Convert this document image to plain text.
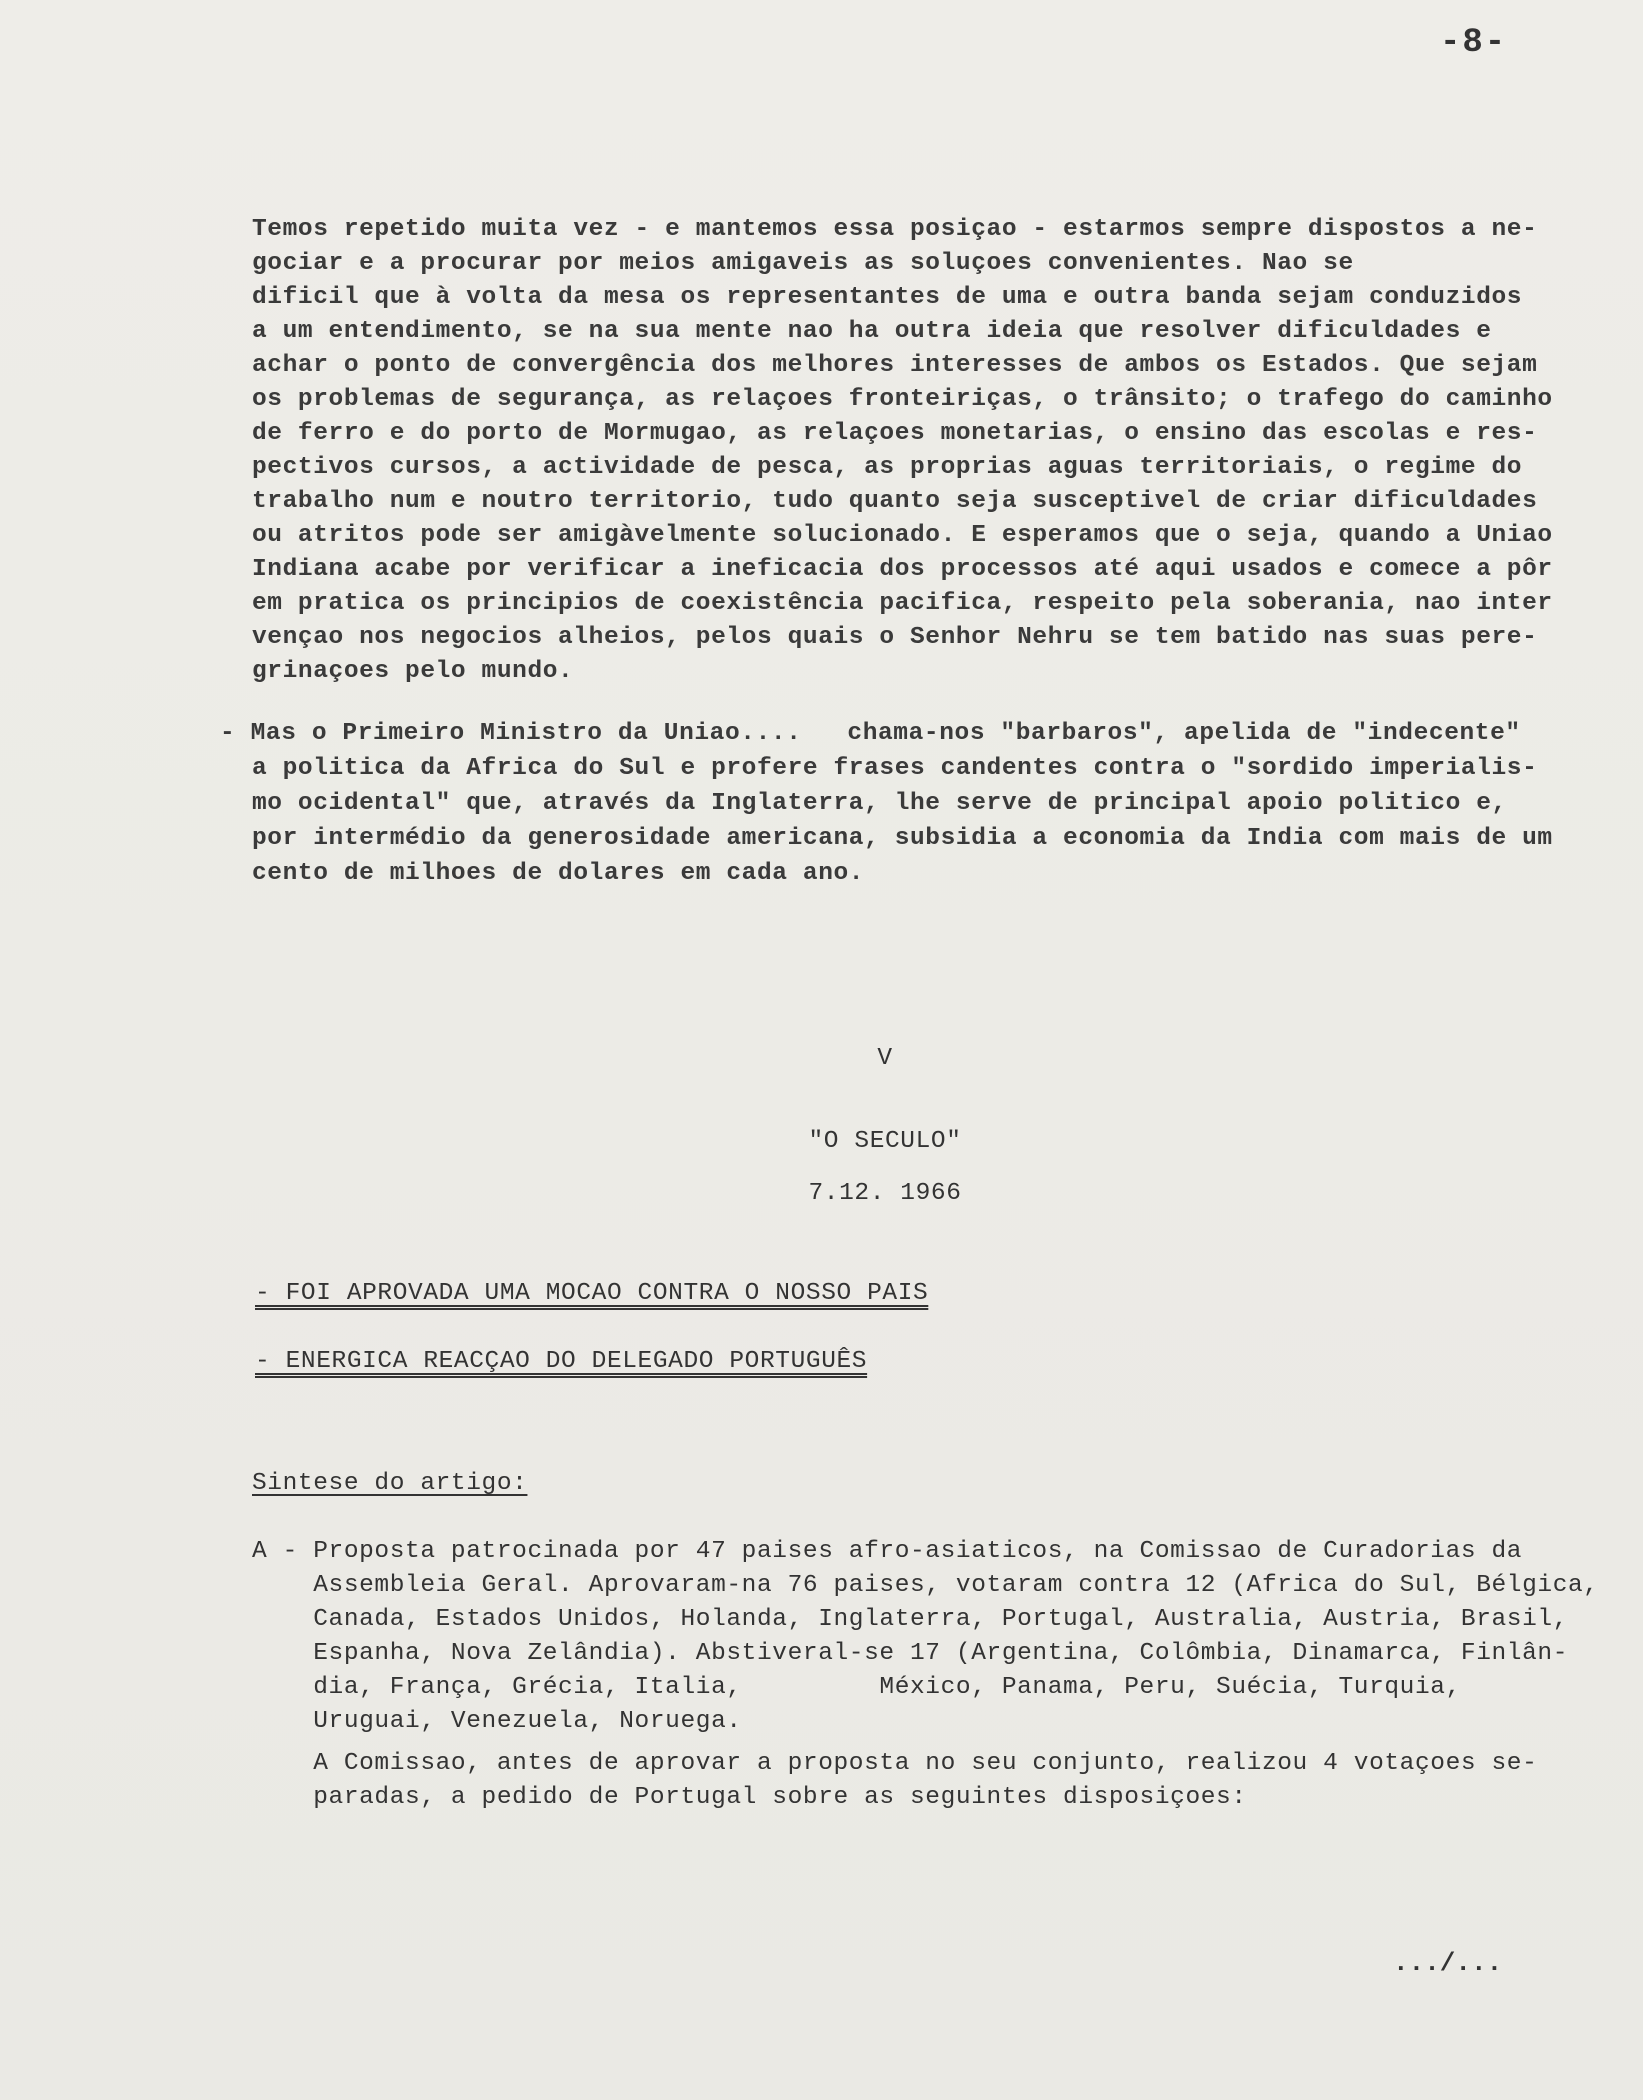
-8-
Temos repetido muita vez - e mantemos essa posiçao - estarmos sempre dispostos a ne-
gociar e a procurar por meios amigaveis as soluçoes convenientes. Nao se
dificil que à volta da mesa os representantes de uma e outra banda sejam conduzidos
a um entendimento, se na sua mente nao ha outra ideia que resolver dificuldades e
achar o ponto de convergência dos melhores interesses de ambos os Estados. Que sejam
os problemas de segurança, as relaçoes fronteiriças, o trânsito; o trafego do caminho
de ferro e do porto de Mormugao, as relaçoes monetarias, o ensino das escolas e res-
pectivos cursos, a actividade de pesca, as proprias aguas territoriais, o regime do
trabalho num e noutro territorio, tudo quanto seja susceptivel de criar dificuldades
ou atritos pode ser amigàvelmente solucionado. E esperamos que o seja, quando a Uniao
Indiana acabe por verificar a ineficacia dos processos até aqui usados e comece a pôr
em pratica os principios de coexistência pacifica, respeito pela soberania, nao inter
vençao nos negocios alheios, pelos quais o Senhor Nehru se tem batido nas suas pere-
grinaçoes pelo mundo.
- Mas o Primeiro Ministro da Uniao....   chama-nos "barbaros", apelida de "indecente"
a politica da Africa do Sul e profere frases candentes contra o "sordido imperialis-
mo ocidental" que, através da Inglaterra, lhe serve de principal apoio politico e,
por intermédio da generosidade americana, subsidia a economia da India com mais de um
cento de milhoes de dolares em cada ano.
V
"O SECULO"
7.12. 1966
- FOI APROVADA UMA MOCAO CONTRA O NOSSO PAIS
- ENERGICA REACÇAO DO DELEGADO PORTUGUÊS
Sintese do artigo:
A - Proposta patrocinada por 47 paises afro-asiaticos, na Comissao de Curadorias da
Assembleia Geral. Aprovaram-na 76 paises, votaram contra 12 (Africa do Sul, Bélgica,
Canada, Estados Unidos, Holanda, Inglaterra, Portugal, Australia, Austria, Brasil,
Espanha, Nova Zelândia). Abstiveral-se 17 (Argentina, Colômbia, Dinamarca, Finlân-
dia, França, Grécia, Italia,         México, Panama, Peru, Suécia, Turquia,
Uruguai, Venezuela, Noruega.
A Comissao, antes de aprovar a proposta no seu conjunto, realizou 4 votaçoes se-
paradas, a pedido de Portugal sobre as seguintes disposiçoes:
.../...
